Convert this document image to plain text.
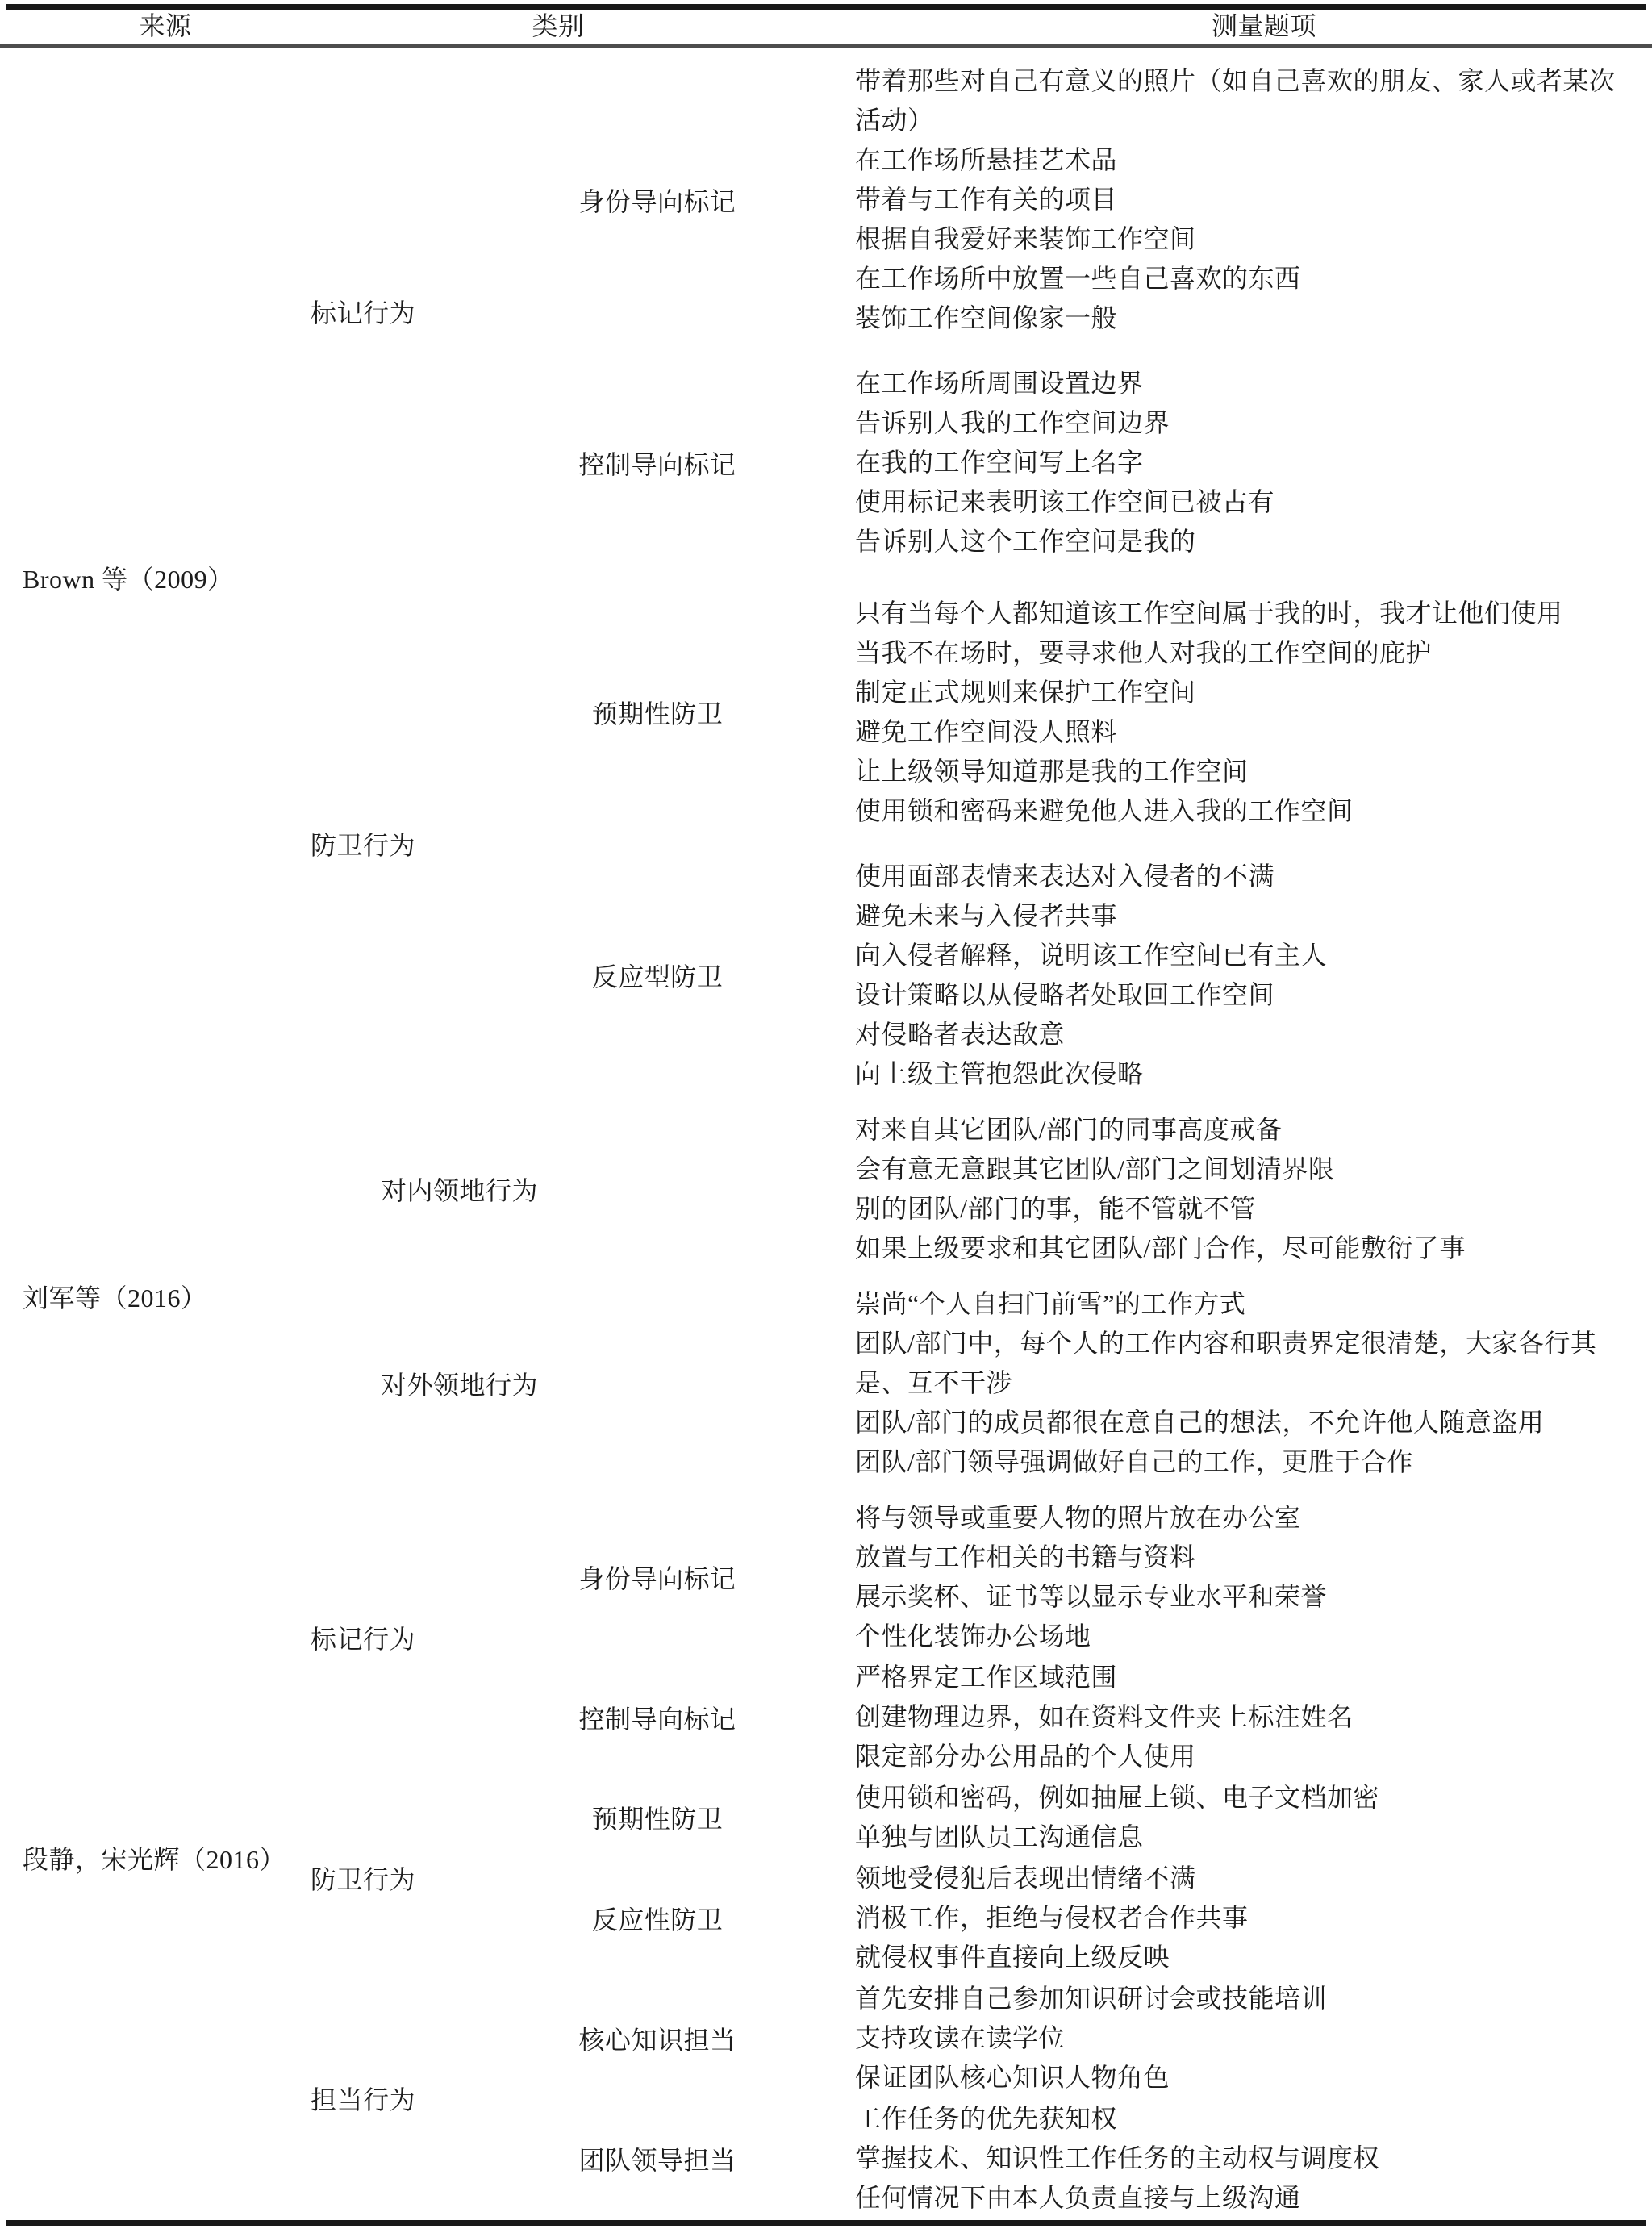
来源	类别	测量题项
Brown 等（2009）
标记行为
身份导向标记
带着那些对自己有意义的照片（如自己喜欢的朋友、家人或者某次活动）
在工作场所悬挂艺术品
带着与工作有关的项目
根据自我爱好来装饰工作空间
在工作场所中放置一些自己喜欢的东西
装饰工作空间像家一般
控制导向标记
在工作场所周围设置边界
告诉别人我的工作空间边界
在我的工作空间写上名字
使用标记来表明该工作空间已被占有
告诉别人这个工作空间是我的
防卫行为
预期性防卫
只有当每个人都知道该工作空间属于我的时，我才让他们使用
当我不在场时，要寻求他人对我的工作空间的庇护
制定正式规则来保护工作空间
避免工作空间没人照料
让上级领导知道那是我的工作空间
使用锁和密码来避免他人进入我的工作空间
反应型防卫
使用面部表情来表达对入侵者的不满
避免未来与入侵者共事
向入侵者解释，说明该工作空间已有主人
设计策略以从侵略者处取回工作空间
对侵略者表达敌意
向上级主管抱怨此次侵略
刘军等（2016）
对内领地行为
对来自其它团队/部门的同事高度戒备
会有意无意跟其它团队/部门之间划清界限
别的团队/部门的事，能不管就不管
如果上级要求和其它团队/部门合作，尽可能敷衍了事
对外领地行为
崇尚“个人自扫门前雪”的工作方式
团队/部门中，每个人的工作内容和职责界定很清楚，大家各行其是、互不干涉
团队/部门的成员都很在意自己的想法，不允许他人随意盗用
团队/部门领导强调做好自己的工作，更胜于合作
段静，宋光辉（2016）
标记行为
身份导向标记
将与领导或重要人物的照片放在办公室
放置与工作相关的书籍与资料
展示奖杯、证书等以显示专业水平和荣誉
个性化装饰办公场地
控制导向标记
严格界定工作区域范围
创建物理边界，如在资料文件夹上标注姓名
限定部分办公用品的个人使用
防卫行为
预期性防卫
使用锁和密码，例如抽屉上锁、电子文档加密
单独与团队员工沟通信息
反应性防卫
领地受侵犯后表现出情绪不满
消极工作，拒绝与侵权者合作共事
就侵权事件直接向上级反映
担当行为
核心知识担当
首先安排自己参加知识研讨会或技能培训
支持攻读在读学位
保证团队核心知识人物角色
团队领导担当
工作任务的优先获知权
掌握技术、知识性工作任务的主动权与调度权
任何情况下由本人负责直接与上级沟通
